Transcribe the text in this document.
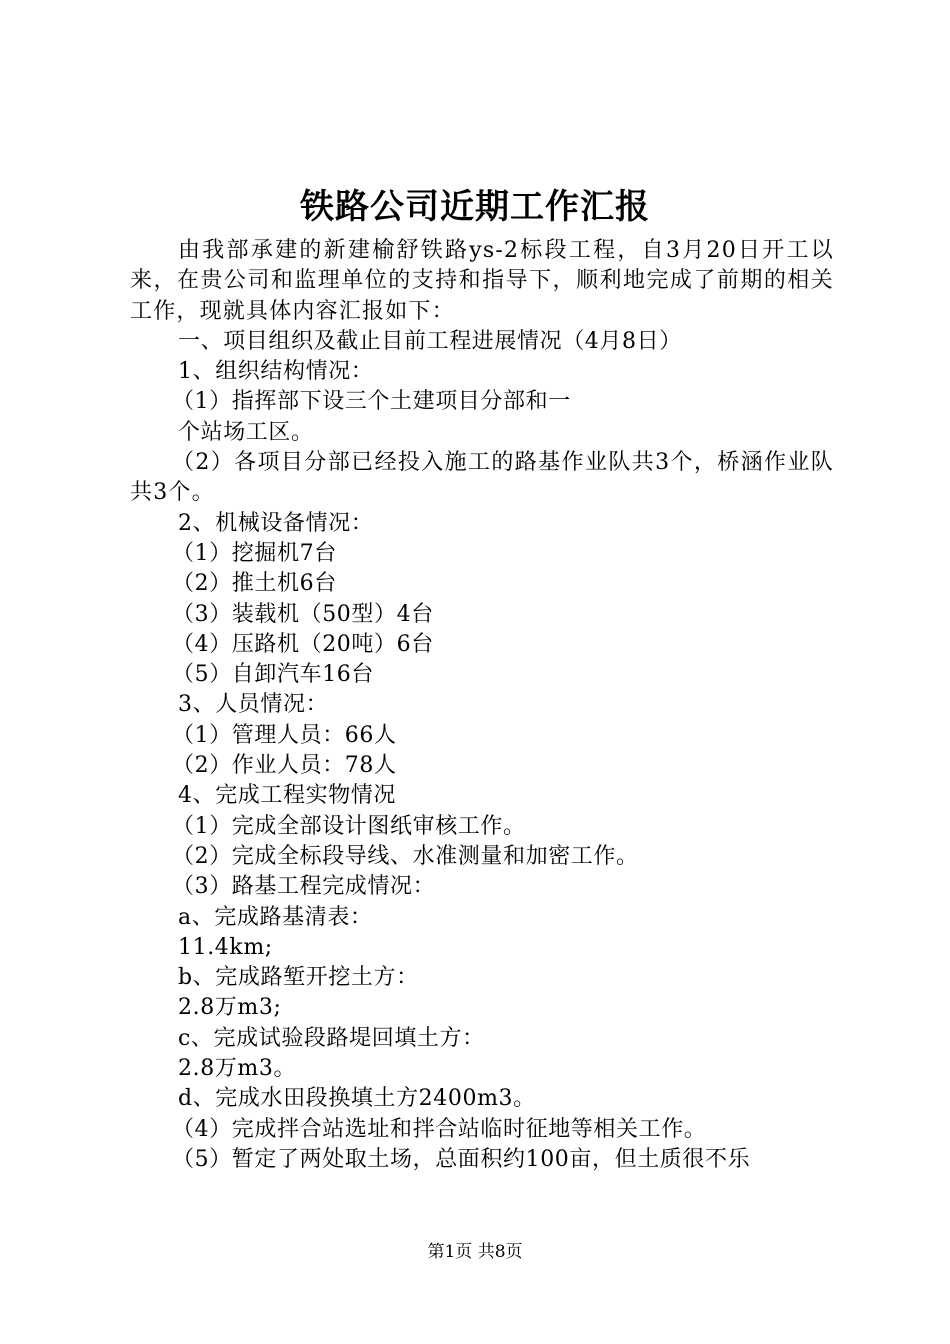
铁路公司近期工作汇报
由我部承建的新建榆舒铁路ys-2标段工程，自3月20日开工以来，在贵公司和监理单位的支持和指导下，顺利地完成了前期的相关工作，现就具体内容汇报如下：
一、项目组织及截止目前工程进展情况（4月8日）
1、组织结构情况：
（1）指挥部下设三个土建项目分部和一
个站场工区。
（2）各项目分部已经投入施工的路基作业队共3个，桥涵作业队共3个。
2、机械设备情况：
（1）挖掘机7台
（2）推土机6台
（3）装载机（50型）4台
（4）压路机（20吨）6台
（5）自卸汽车16台
3、人员情况：
（1）管理人员：66人
（2）作业人员：78人
4、完成工程实物情况
（1）完成全部设计图纸审核工作。
（2）完成全标段导线、水准测量和加密工作。
（3）路基工程完成情况：
a、完成路基清表：
11.4km;
b、完成路堑开挖土方：
2.8万m3;
c、完成试验段路堤回填土方：
2.8万m3。
d、完成水田段换填土方2400m3。
（4）完成拌合站选址和拌合站临时征地等相关工作。
（5）暂定了两处取土场，总面积约100亩，但土质很不乐
第1页 共8页
